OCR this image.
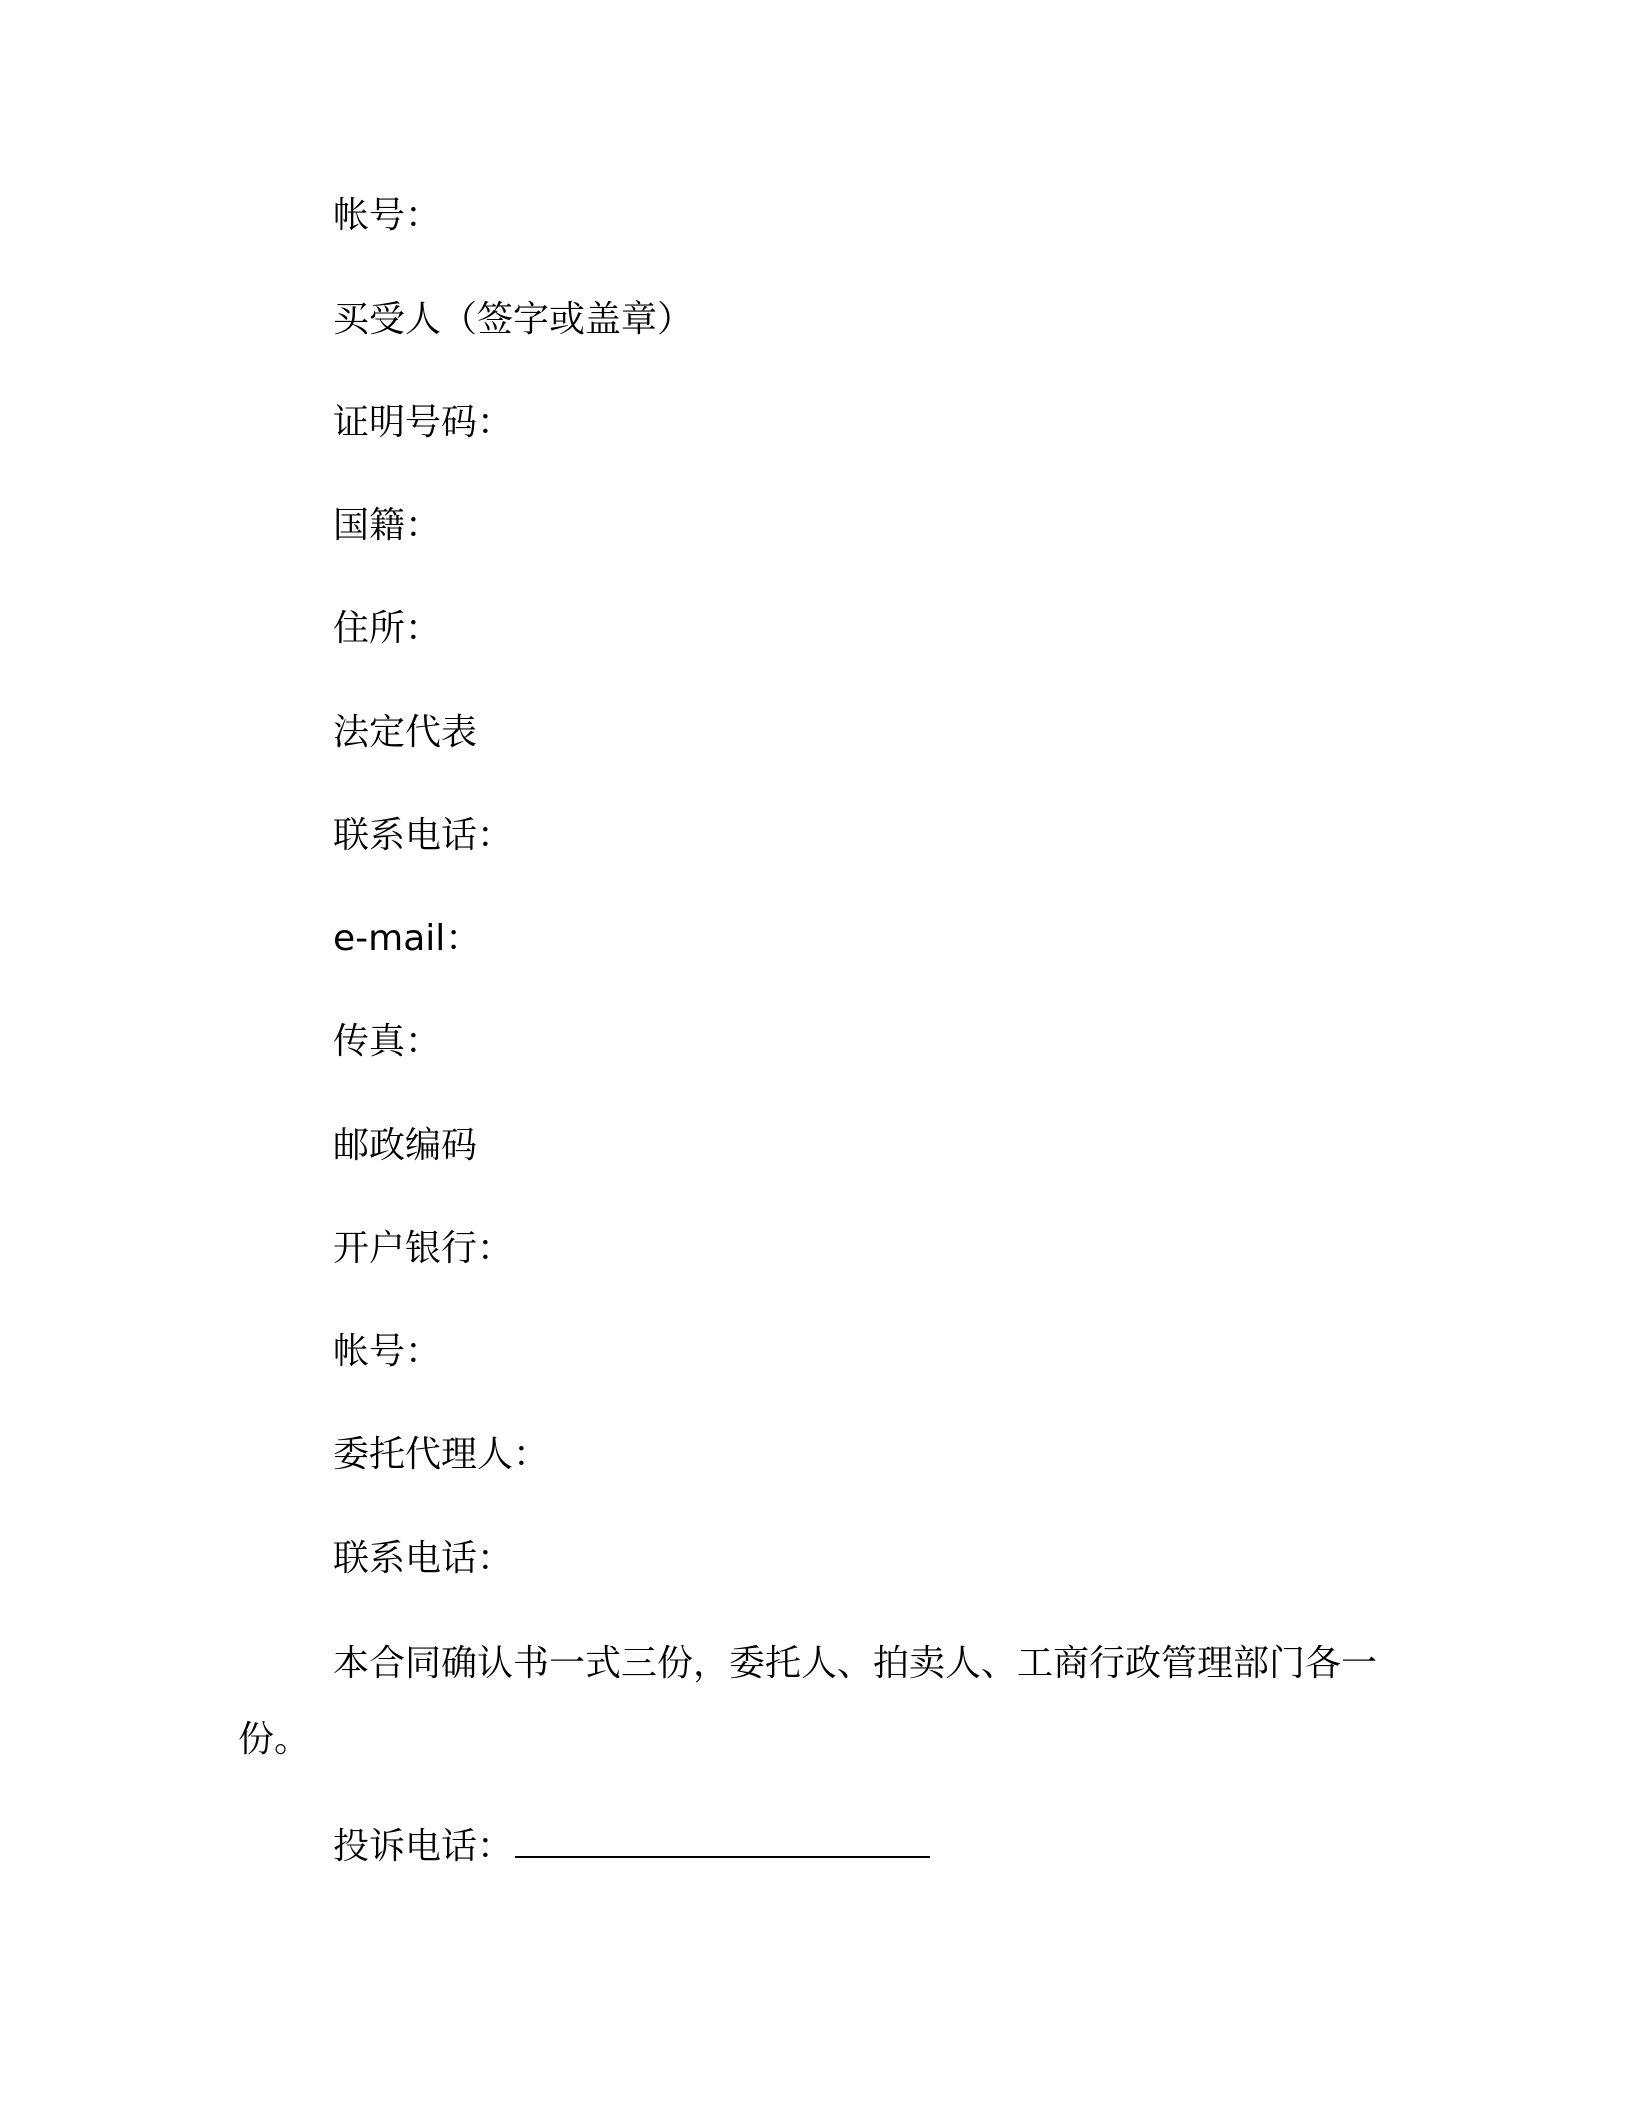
帐号：
买受人（签字或盖章）
证明号码：
国籍：
住所：
法定代表
联系电话：
e-mail：
传真：
邮政编码
开户银行：
帐号：
委托代理人：
联系电话：
本合同确认书一式三份，委托人、拍卖人、工商行政管理部门各一份。
投诉电话：
